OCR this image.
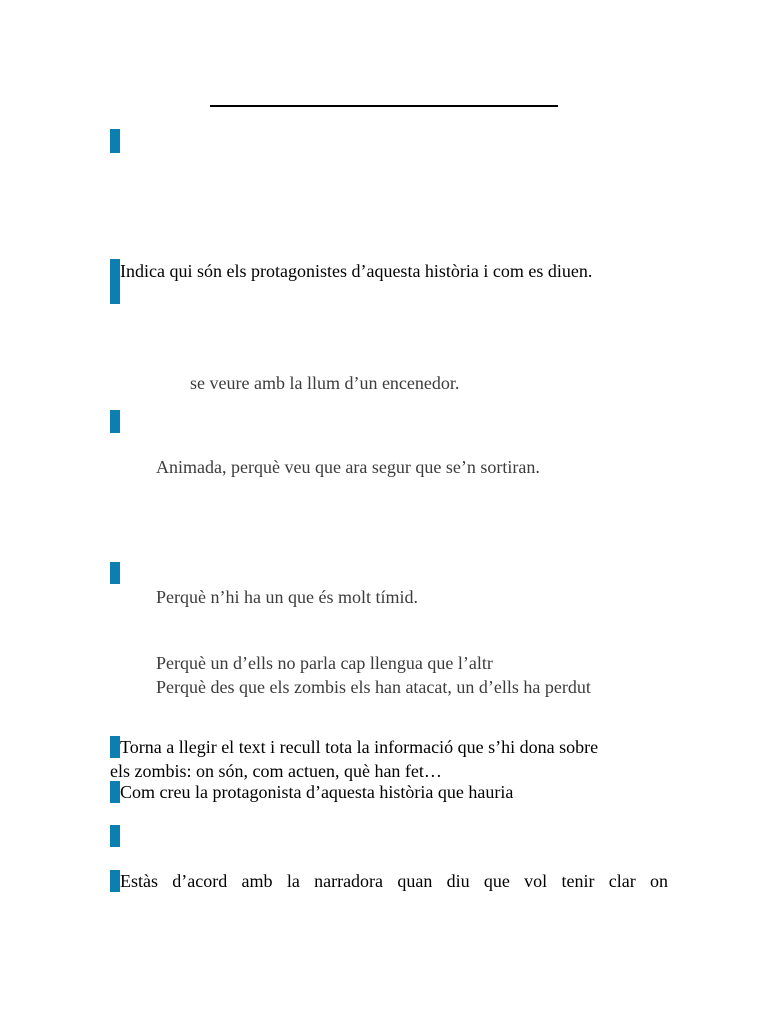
Indica qui són els protagonistes d’aquesta història i com es diuen.
se veure amb la llum d’un encenedor.
Animada, perquè veu que ara segur que se’n sortiran.
Perquè n’hi ha un que és molt tímid.
Perquè un d’ells no parla cap llengua que l’altr
Perquè des que els zombis els han atacat, un d’ells ha perdut
Torna a llegir el text i recull tota la informació que s’hi dona sobre
els zombis: on són, com actuen, què han fet…
Com creu la protagonista d’aquesta història que hauria
Estàs d’acord amb la narradora quan diu que vol tenir clar on
